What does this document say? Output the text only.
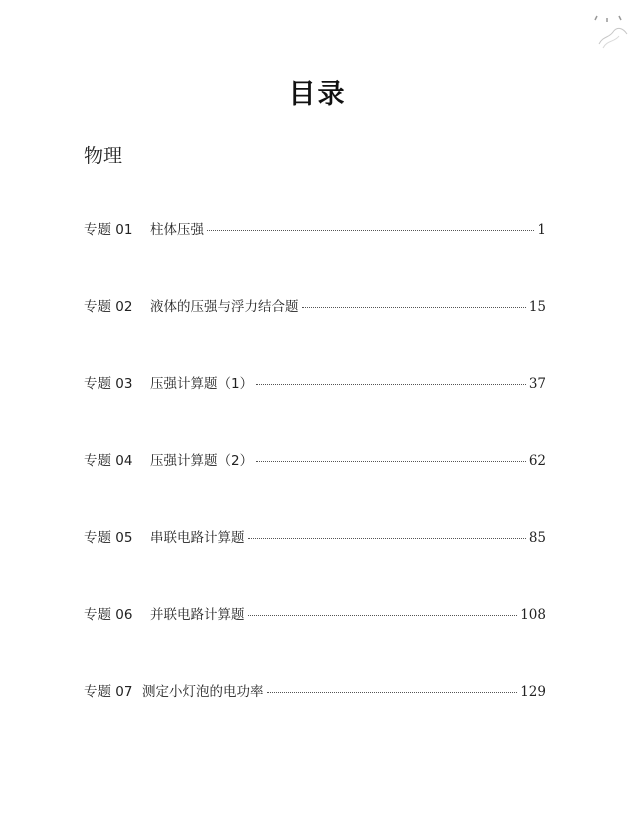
目录
物理
专题 01	柱体压强	1
专题 02	液体的压强与浮力结合题	15
专题 03	压强计算题（1）	37
专题 04	压强计算题（2）	62
专题 05	串联电路计算题	85
专题 06	并联电路计算题	108
专题 07 测定小灯泡的电功率	129
